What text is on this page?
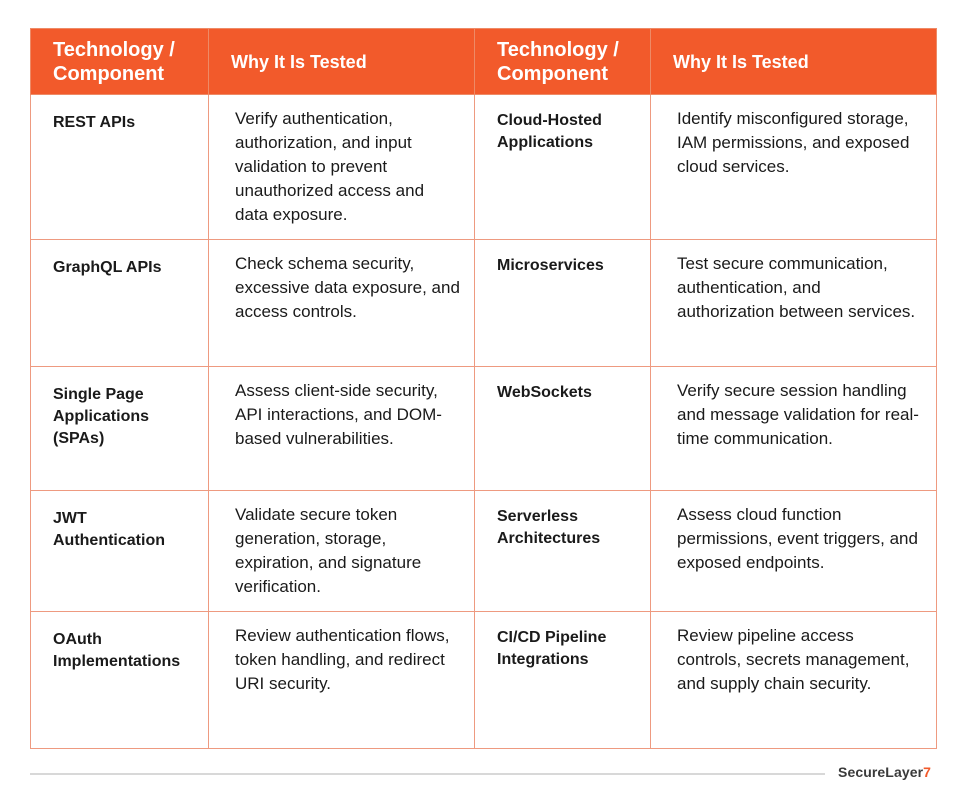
Technology / Component	Why It Is Tested	Technology / Component	Why It Is Tested
REST APIs	Verify authentication, authorization, and input validation to prevent unauthorized access and data exposure.	Cloud-Hosted Applications	Identify misconfigured storage, IAM permissions, and exposed cloud services.
GraphQL APIs	Check schema security, excessive data exposure, and access controls.	Microservices	Test secure communication, authentication, and authorization between services.
Single Page Applications (SPAs)	Assess client-side security, API interactions, and DOM-based vulnerabilities.	WebSockets	Verify secure session handling and message validation for real-time communication.
JWT Authentication	Validate secure token generation, storage, expiration, and signature verification.	Serverless Architectures	Assess cloud function permissions, event triggers, and exposed endpoints.
OAuth Implementations	Review authentication flows, token handling, and redirect URI security.	CI/CD Pipeline Integrations	Review pipeline access controls, secrets management, and supply chain security.
SecureLayer7
